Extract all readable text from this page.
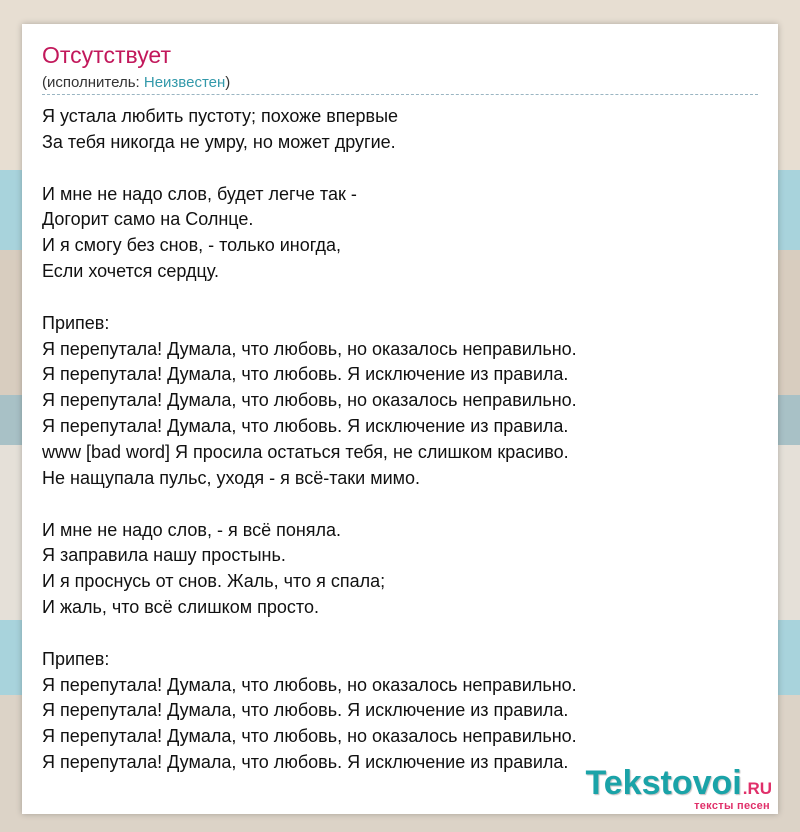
Отсутствует
(исполнитель: Неизвестен)
Я устала любить пустоту; похоже впервые
За тебя никогда не умру, но может другие.
И мне не надо слов, будет легче так -
Догорит само на Солнце.
И я смогу без снов, - только иногда,
Если хочется сердцу.
Припев:
Я перепутала! Думала, что любовь, но оказалось неправильно.
Я перепутала! Думала, что любовь. Я исключение из правила.
Я перепутала! Думала, что любовь, но оказалось неправильно.
Я перепутала! Думала, что любовь. Я исключение из правила.
www [bad word] Я просила остаться тебя, не слишком красиво.
Не нащупала пульс, уходя - я всё-таки мимо.
И мне не надо слов, - я всё поняла.
Я заправила нашу простынь.
И я проснусь от снов. Жаль, что я спала;
И жаль, что всё слишком просто.
Припев:
Я перепутала! Думала, что любовь, но оказалось неправильно.
Я перепутала! Думала, что любовь. Я исключение из правила.
Я перепутала! Думала, что любовь, но оказалось неправильно.
Я перепутала! Думала, что любовь. Я исключение из правила.
Tekstovoi.RU
тексты песен
